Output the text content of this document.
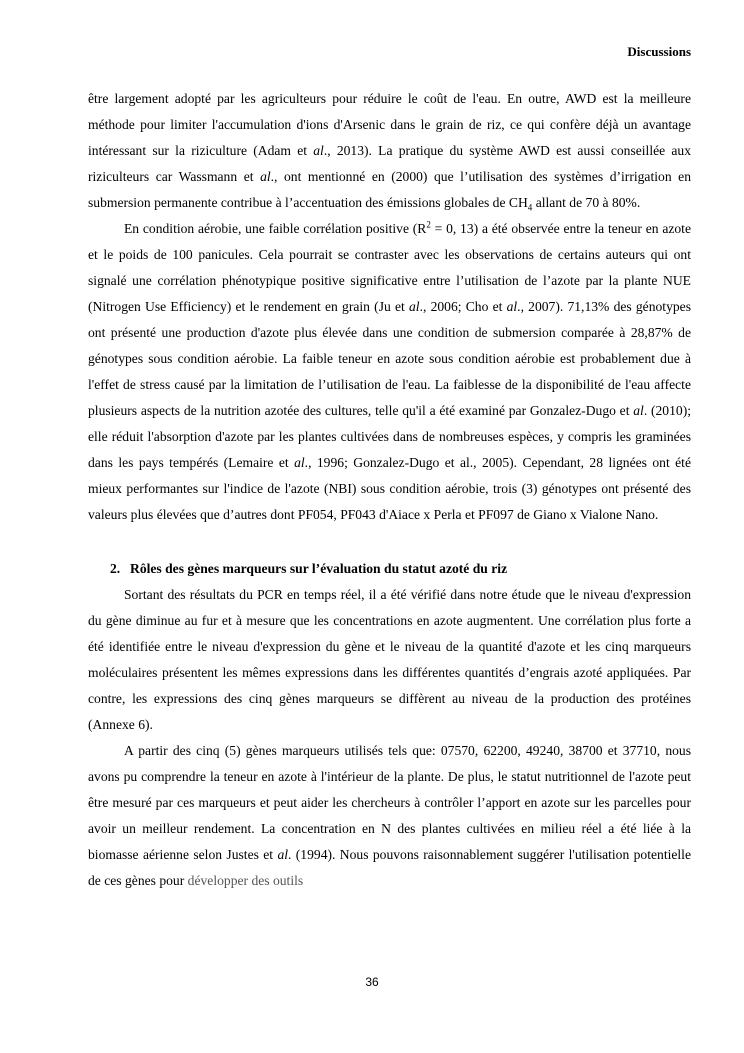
Discussions

être largement adopté par les agriculteurs pour réduire le coût de l'eau. En outre, AWD est la meilleure méthode pour limiter l'accumulation d'ions d'Arsenic dans le grain de riz, ce qui confère déjà un avantage intéressant sur la riziculture (Adam et al., 2013). La pratique du système AWD est aussi conseillée aux riziculteurs car Wassmann et al., ont mentionné en (2000) que l’utilisation des systèmes d’irrigation en submersion permanente contribue à l’accentuation des émissions globales de $CH_4$ allant de 70 à 80%.

En condition aérobie, une faible corrélation positive ($R^2 = 0$, 13) a été observée entre la teneur en azote et le poids de 100 panicules. Cela pourrait se contraster avec les observations de certains auteurs qui ont signalé une corrélation phénotypique positive significative entre l’utilisation de l’azote par la plante NUE (Nitrogen Use Efficiency) et le rendement en grain (Ju et al., 2006; Cho et al., 2007). 71,13% des génotypes ont présenté une production d'azote plus élevée dans une condition de submersion comparée à 28,87% de génotypes sous condition aérobie. La faible teneur en azote sous condition aérobie est probablement due à l'effet de stress causé par la limitation de l’utilisation de l'eau. La faiblesse de la disponibilité de l'eau affecte plusieurs aspects de la nutrition azotée des cultures, telle qu'il a été examiné par Gonzalez-Dugo et al. (2010); elle réduit l'absorption d'azote par les plantes cultivées dans de nombreuses espèces, y compris les graminées dans les pays tempérés (Lemaire et al., 1996; Gonzalez-Dugo et al., 2005). Cependant, 28 lignées ont été mieux performantes sur l'indice de l'azote (NBI) sous condition aérobie, trois (3) génotypes ont présenté des valeurs plus élevées que d’autres dont PF054, PF043 d'Aiace x Perla et PF097 de Giano x Vialone Nano.

2. Rôles des gènes marqueurs sur l’évaluation du statut azoté du riz

Sortant des résultats du PCR en temps réel, il a été vérifié dans notre étude que le niveau d'expression du gène diminue au fur et à mesure que les concentrations en azote augmentent. Une corrélation plus forte a été identifiée entre le niveau d'expression du gène et le niveau de la quantité d'azote et les cinq marqueurs moléculaires présentent les mêmes expressions dans les différentes quantités d’engrais azoté appliquées. Par contre, les expressions des cinq gènes marqueurs se diffèrent au niveau de la production des protéines (Annexe 6).

A partir des cinq (5) gènes marqueurs utilisés tels que: 07570, 62200, 49240, 38700 et 37710, nous avons pu comprendre la teneur en azote à l'intérieur de la plante. De plus, le statut nutritionnel de l'azote peut être mesuré par ces marqueurs et peut aider les chercheurs à contrôler l’apport en azote sur les parcelles pour avoir un meilleur rendement. La concentration en N des plantes cultivées en milieu réel a été liée à la biomasse aérienne selon Justes et al. (1994). Nous pouvons raisonnablement suggérer l'utilisation potentielle de ces gènes pour développer des outils

36
